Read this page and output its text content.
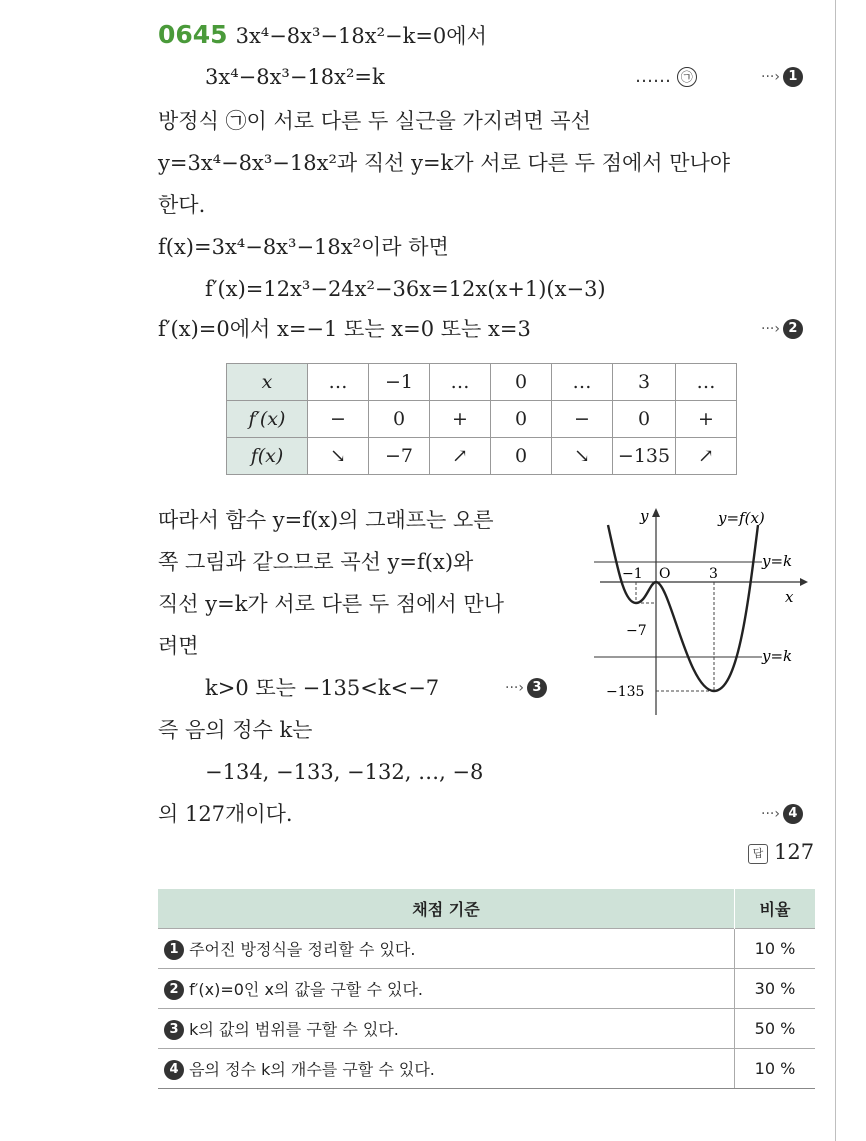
0645 3x⁴−8x³−18x²−k=0에서
3x⁴−8x³−18x²=k	…… ㉠	···› 1
방정식 ㉠이 서로 다른 두 실근을 가지려면 곡선
y=3x⁴−8x³−18x²과 직선 y=k가 서로 다른 두 점에서 만나야
한다.
f(x)=3x⁴−8x³−18x²이라 하면
f′(x)=12x³−24x²−36x=12x(x+1)(x−3)
f′(x)=0에서 x=−1 또는 x=0 또는 x=3	···› 2
x	…	−1	…	0	…	3	…
f′(x)	−	0	+	0	−	0	+
f(x)	↘	−7	↗	0	↘	−135	↗
따라서 함수 y=f(x)의 그래프는 오른
쪽 그림과 같으므로 곡선 y=f(x)와
직선 y=k가 서로 다른 두 점에서 만나
려면
k>0 또는 −135<k<−7	···› 3
즉 음의 정수 k는
−134, −133, −132, …, −8
의 127개이다.	···› 4
y
x
y=f(x)
y=k
y=k
−1 O	3
−7
−135
답 127
채점 기준	비율
1 주어진 방정식을 정리할 수 있다.	10 %
2 f′(x)=0인 x의 값을 구할 수 있다.	30 %
3 k의 값의 범위를 구할 수 있다.	50 %
4 음의 정수 k의 개수를 구할 수 있다.	10 %
